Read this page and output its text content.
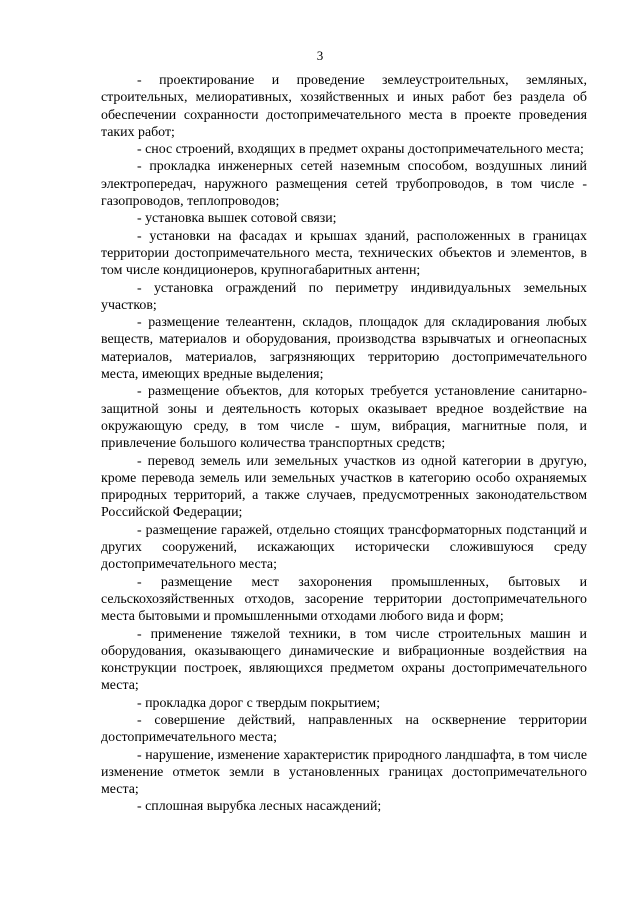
3

- проектирование и проведение землеустроительных, земляных, строительных, мелиоративных, хозяйственных и иных работ без раздела об обеспечении сохранности достопримечательного места в проекте проведения таких работ;

- снос строений, входящих в предмет охраны достопримечательного места;

- прокладка инженерных сетей наземным способом, воздушных линий электропередач, наружного размещения сетей трубопроводов, в том числе - газопроводов, теплопроводов;

- установка вышек сотовой связи;

- установки на фасадах и крышах зданий, расположенных в границах территории достопримечательного места, технических объектов и элементов, в том числе кондиционеров, крупногабаритных антенн;

- установка ограждений по периметру индивидуальных земельных участков;

- размещение телеантенн, складов, площадок для складирования любых веществ, материалов и оборудования, производства взрывчатых и огнеопасных материалов, материалов, загрязняющих территорию достопримечательного места, имеющих вредные выделения;

- размещение объектов, для которых требуется установление санитарно-защитной зоны и деятельность которых оказывает вредное воздействие на окружающую среду, в том числе - шум, вибрация, магнитные поля, и привлечение большого количества транспортных средств;

- перевод земель или земельных участков из одной категории в другую, кроме перевода земель или земельных участков в категорию особо охраняемых природных территорий, а также случаев, предусмотренных законодательством Российской Федерации;

- размещение гаражей, отдельно стоящих трансформаторных подстанций и других сооружений, искажающих исторически сложившуюся среду достопримечательного места;

- размещение мест захоронения промышленных, бытовых и сельскохозяйственных отходов, засорение территории достопримечательного места бытовыми и промышленными отходами любого вида и форм;

- применение тяжелой техники, в том числе строительных машин и оборудования, оказывающего динамические и вибрационные воздействия на конструкции построек, являющихся предметом охраны достопримечательного места;

- прокладка дорог с твердым покрытием;

- совершение действий, направленных на осквернение территории достопримечательного места;

- нарушение, изменение характеристик природного ландшафта, в том числе изменение отметок земли в установленных границах достопримечательного места;

- сплошная вырубка лесных насаждений;
